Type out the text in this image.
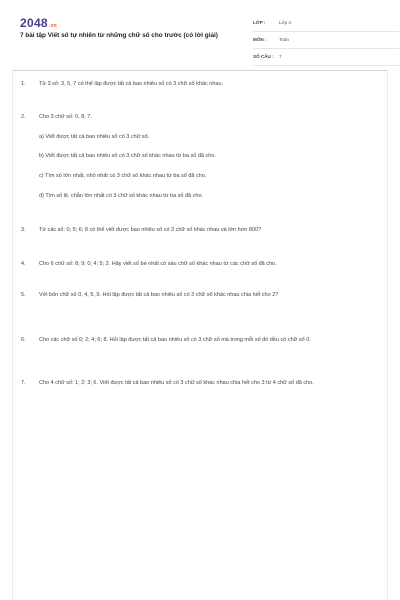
2048.vn
7 bài tập Viết số tự nhiên từ những chữ số cho trước (có lời giải)
LỚP :	Lớp 4
MÔN :	Toán
SỐ CÂU : 7
1. Từ 3 số: 3, 5, 7 có thể lập được tất cả bao nhiêu số có 3 chữ số khác nhau.
2. Cho 3 chữ số: 0, 8, 7.
a) Viết được tất cả bao nhiêu số có 3 chữ số.
b) Viết được tất cả bao nhiêu số có 3 chữ số khác nhau từ ba số đã cho.
c) Tìm số lớn nhất, nhỏ nhất có 3 chữ số khác nhau từ ba số đã cho.
d) Tìm số lẻ, chẵn lớn nhất có 3 chữ số khác nhau từ ba số đã cho.
3. Từ các số: 0; 5; 6; 8 có thể viết được bao nhiêu số có 3 chữ số khác nhau và lớn hơn 800?
4. Cho 6 chữ số: 8; 9; 0; 4; 5; 2. Hãy viết số bé nhất có sáu chữ số khác nhau từ các chữ số đã cho.
5. Với bốn chữ số 0, 4, 5, 9. Hỏi lập được tất cả bao nhiêu số có 3 chữ số khác nhau chia hết cho 2?
6. Cho các chữ số 0; 2; 4; 6; 8. Hỏi lập được tất cả bao nhiêu số có 3 chữ số mà trong mỗi số đó đều có chữ số 0.
7. Cho 4 chữ số: 1; 2; 3; 6. Viết được tất cả bao nhiêu số có 3 chữ số khác nhau chia hết cho 3 từ 4 chữ số đã cho.
